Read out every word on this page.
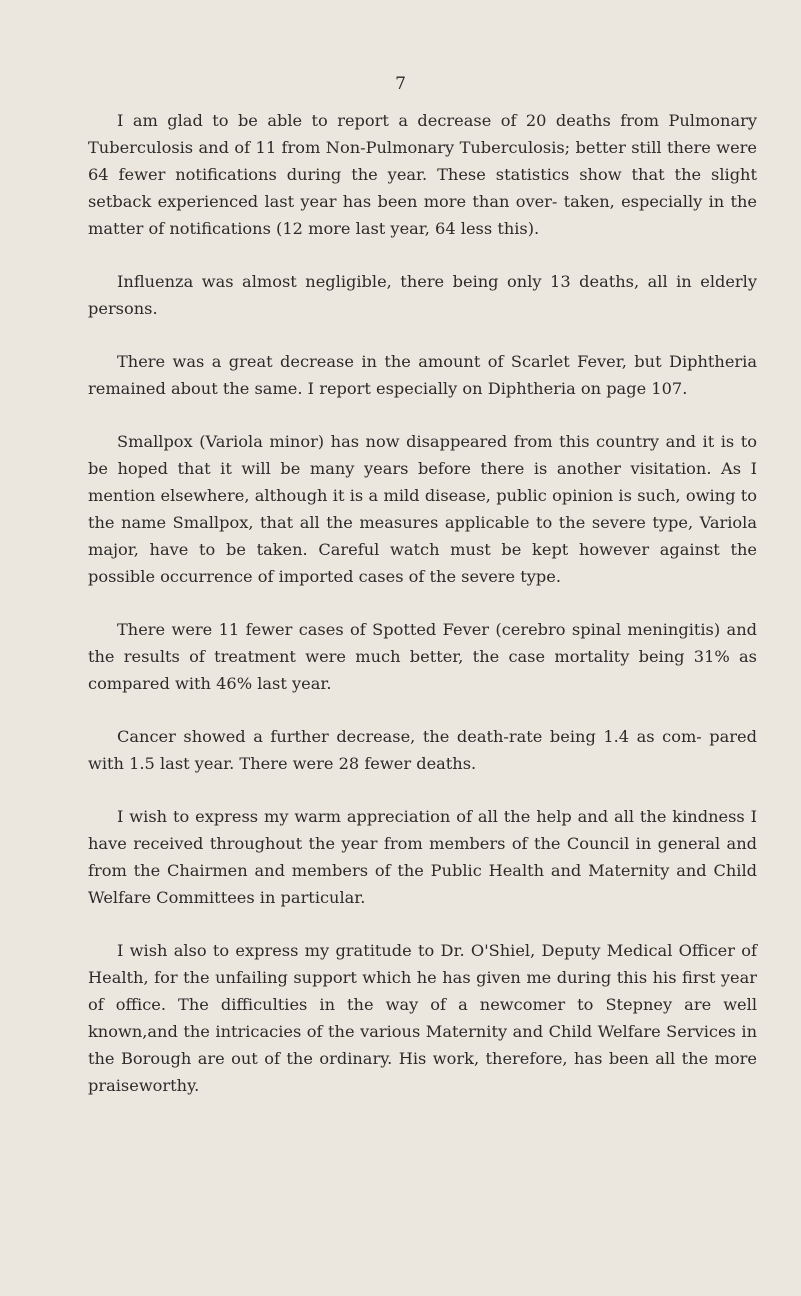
7

I am glad to be able to report a decrease of 20 deaths from Pulmonary Tuberculosis and of 11 from Non-Pulmonary Tuberculosis; better still there were 64 fewer notifications during the year. These statistics show that the slight setback experienced last year has been more than over- taken, especially in the matter of notifications (12 more last year, 64 less this).

Influenza was almost negligible, there being only 13 deaths, all in elderly persons.

There was a great decrease in the amount of Scarlet Fever, but Diphtheria remained about the same. I report especially on Diphtheria on page 107.

Smallpox (Variola minor) has now disappeared from this country and it is to be hoped that it will be many years before there is another visitation. As I mention elsewhere, although it is a mild disease, public opinion is such, owing to the name Smallpox, that all the measures applicable to the severe type, Variola major, have to be taken. Careful watch must be kept however against the possible occurrence of imported cases of the severe type.

There were 11 fewer cases of Spotted Fever (cerebro spinal meningitis) and the results of treatment were much better, the case mortality being 31% as compared with 46% last year.

Cancer showed a further decrease, the death-rate being 1.4 as com- pared with 1.5 last year. There were 28 fewer deaths.

I wish to express my warm appreciation of all the help and all the kindness I have received throughout the year from members of the Council in general and from the Chairmen and members of the Public Health and Maternity and Child Welfare Committees in particular.

I wish also to express my gratitude to Dr. O'Shiel, Deputy Medical Officer of Health, for the unfailing support which he has given me during this his first year of office. The difficulties in the way of a newcomer to Stepney are well known,and the intricacies of the various Maternity and Child Welfare Services in the Borough are out of the ordinary. His work, therefore, has been all the more praiseworthy.
